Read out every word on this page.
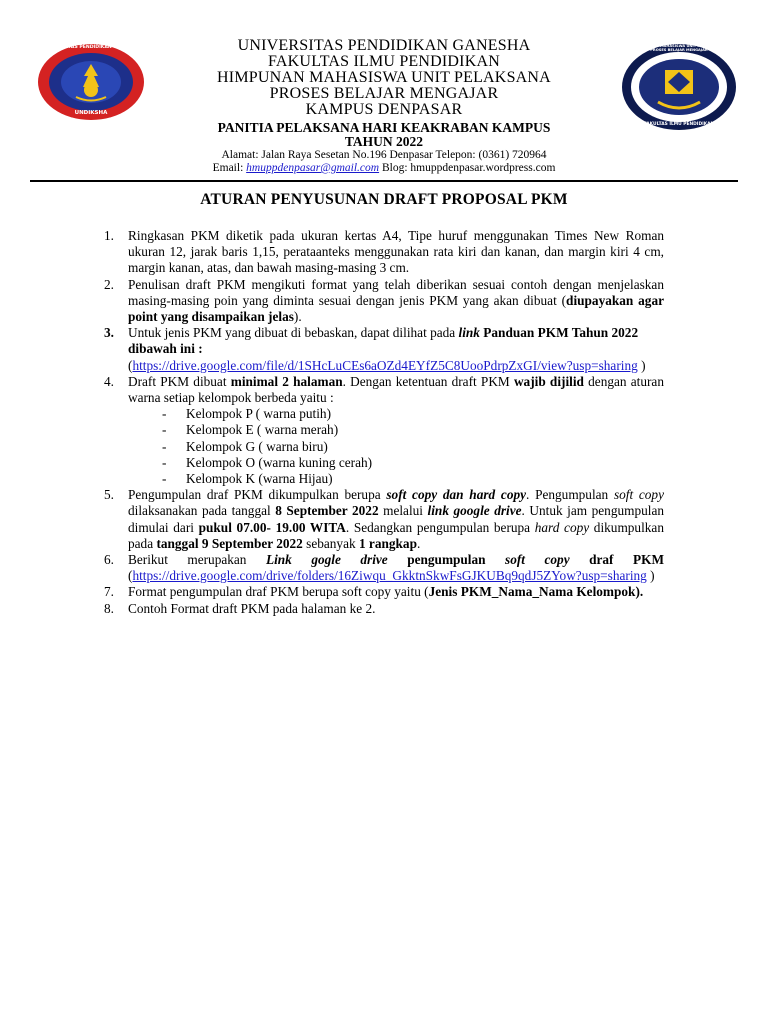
UNIVERSITAS PENDIDIKAN GANESHA
UNDIKSHA
UNIVERSITAS PENDIDIKAN GANESHA
FAKULTAS ILMU PENDIDIKAN
HIMPUNAN MAHASISWA UNIT PELAKSANA
PROSES BELAJAR MENGAJAR
KAMPUS DENPASAR
PANITIA PELAKSANA HARI KEAKRABAN KAMPUS
TAHUN 2022
Alamat: Jalan Raya Sesetan No.196 Denpasar Telepon: (0361) 720964
Email: hmuppdenpasar@gmail.com Blog: hmuppdenpasar.wordpress.com
HIMPUNAN MAHASISWA UNIT PELAKSANA PROSES BELAJAR MENGAJAR
FAKULTAS ILMU PENDIDIKAN
ATURAN PENYUSUNAN DRAFT PROPOSAL PKM
1. Ringkasan PKM diketik pada ukuran kertas A4, Tipe huruf menggunakan Times New Roman ukuran 12, jarak baris 1,15, perataanteks menggunakan rata kiri dan kanan, dan margin kiri 4 cm, margin kanan, atas, dan bawah masing-masing 3 cm.
2. Penulisan draft PKM mengikuti format yang telah diberikan sesuai contoh dengan menjelaskan masing-masing poin yang diminta sesuai dengan jenis PKM yang akan dibuat (diupayakan agar point yang disampaikan jelas).
3. Untuk jenis PKM yang dibuat di bebaskan, dapat dilihat pada link Panduan PKM Tahun 2022 dibawah ini :
(https://drive.google.com/file/d/1SHcLuCEs6aOZd4EYfZ5C8UooPdrpZxGI/view?usp=sharing )
4. Draft PKM dibuat minimal 2 halaman. Dengan ketentuan draft PKM wajib dijilid dengan aturan warna setiap kelompok berbeda yaitu :
- Kelompok P ( warna putih)
- Kelompok E ( warna merah)
- Kelompok G ( warna biru)
- Kelompok O (warna kuning cerah)
- Kelompok K (warna Hijau)
5. Pengumpulan draf PKM dikumpulkan berupa soft copy dan hard copy. Pengumpulan soft copy dilaksanakan pada tanggal 8 September 2022 melalui link google drive. Untuk jam pengumpulan dimulai dari pukul 07.00- 19.00 WITA. Sedangkan pengumpulan berupa hard copy dikumpulkan pada tanggal 9 September 2022 sebanyak 1 rangkap.
6. Berikut merupakan Link gogle drive pengumpulan soft copy draf PKM
(https://drive.google.com/drive/folders/16Ziwqu_GkktnSkwFsGJKUBq9qdJ5ZYow?usp=sharing )
7. Format pengumpulan draf PKM berupa soft copy yaitu (Jenis PKM_Nama_Nama Kelompok).
8. Contoh Format draft PKM pada halaman ke 2.
